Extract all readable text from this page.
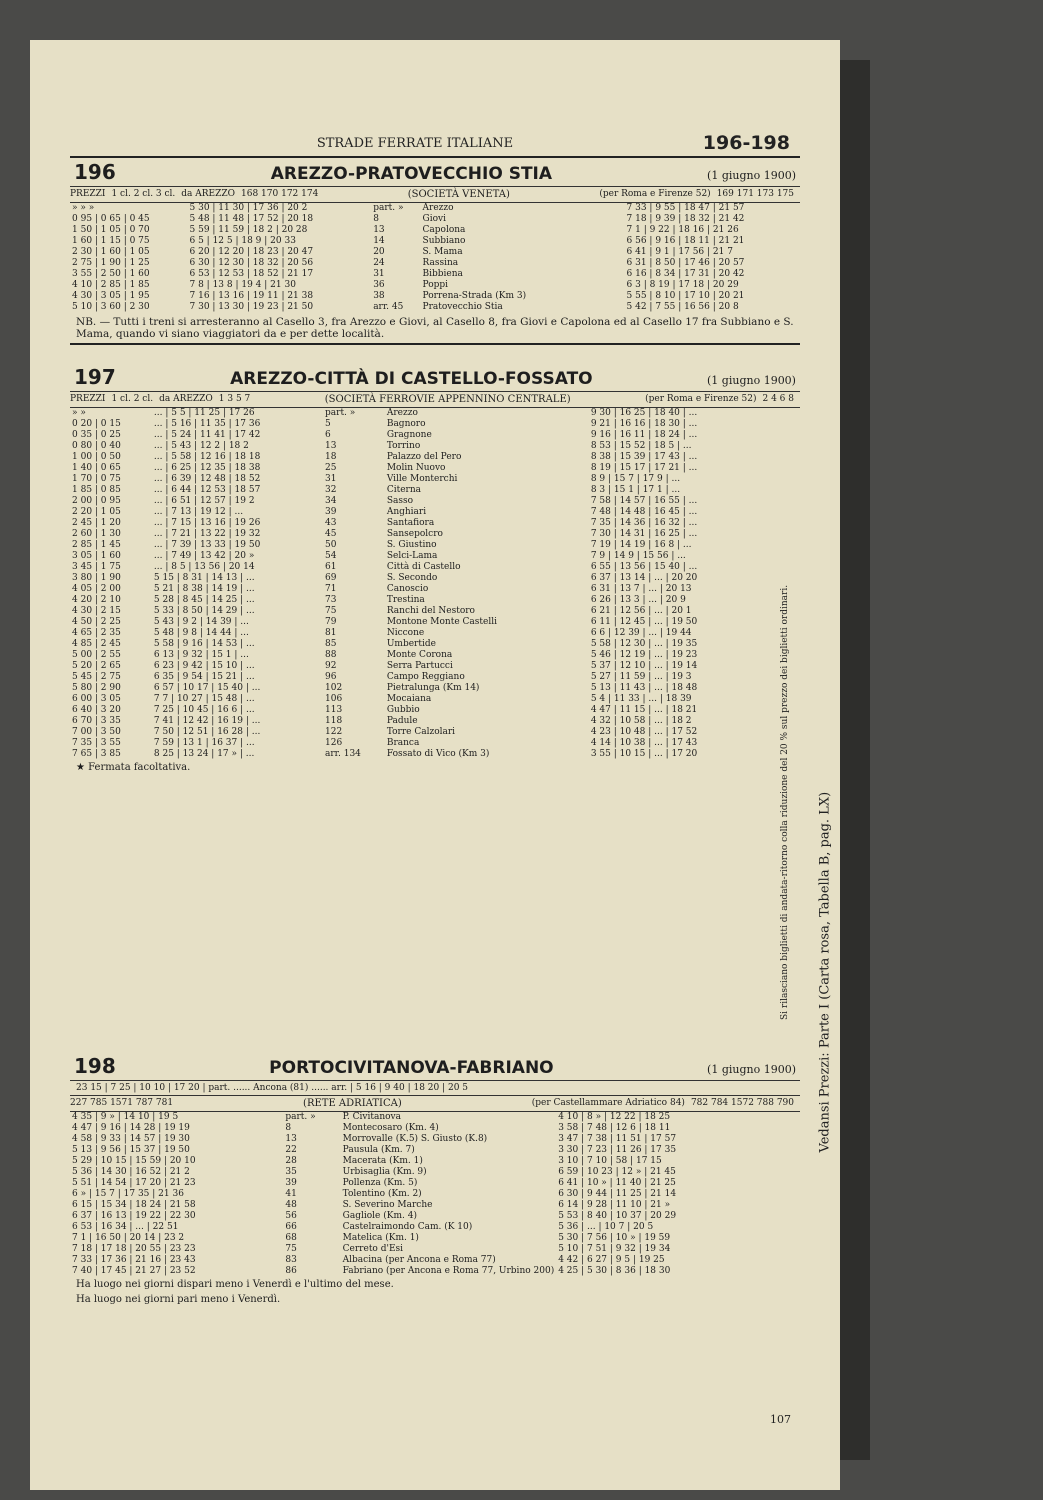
STRADE FERRATE ITALIANE	196-198
196	AREZZO-PRATOVECCHIO STIA	(1 giugno 1900)
PREZZI 1 cl. 2 cl. 3 cl. da AREZZO 168 170 172 174	(SOCIETÀ VENETA)	(per Roma e Firenze 52) 169 171 173 175
» » »	5 30 | 11 30 | 17 36 | 20 2	part. »	Arezzo	7 33 | 9 55 | 18 47 | 21 57
0 95 | 0 65 | 0 45	5 48 | 11 48 | 17 52 | 20 18	8	Giovi	7 18 | 9 39 | 18 32 | 21 42
1 50 | 1 05 | 0 70	5 59 | 11 59 | 18 2 | 20 28	13	Capolona	7 1 | 9 22 | 18 16 | 21 26
1 60 | 1 15 | 0 75	6 5 | 12 5 | 18 9 | 20 33	14	Subbiano	6 56 | 9 16 | 18 11 | 21 21
2 30 | 1 60 | 1 05	6 20 | 12 20 | 18 23 | 20 47	20	S. Mama	6 41 | 9 1 | 17 56 | 21 7
2 75 | 1 90 | 1 25	6 30 | 12 30 | 18 32 | 20 56	24	Rassina	6 31 | 8 50 | 17 46 | 20 57
3 55 | 2 50 | 1 60	6 53 | 12 53 | 18 52 | 21 17	31	Bibbiena	6 16 | 8 34 | 17 31 | 20 42
4 10 | 2 85 | 1 85	7 8 | 13 8 | 19 4 | 21 30	36	Poppi	6 3 | 8 19 | 17 18 | 20 29
4 30 | 3 05 | 1 95	7 16 | 13 16 | 19 11 | 21 38	38	Porrena-Strada (Km 3)	5 55 | 8 10 | 17 10 | 20 21
5 10 | 3 60 | 2 30	7 30 | 13 30 | 19 23 | 21 50	arr. 45	Pratovecchio Stia	5 42 | 7 55 | 16 56 | 20 8
NB. — Tutti i treni si arresteranno al Casello 3, fra Arezzo e Giovi, al Casello 8, fra Giovi e Capolona ed al Casello 17 fra Subbiano e S. Mama, quando vi siano viaggiatori da e per dette località.
197	AREZZO-CITTÀ DI CASTELLO-FOSSATO	(1 giugno 1900)
PREZZI 1 cl. 2 cl. da AREZZO 1 3 5 7	(SOCIETÀ FERROVIE APPENNINO CENTRALE)	(per Roma e Firenze 52) 2 4 6 8
» »	... | 5 5 | 11 25 | 17 26	part. »	Arezzo	9 30 | 16 25 | 18 40 | ...
0 20 | 0 15	... | 5 16 | 11 35 | 17 36	5	Bagnoro	9 21 | 16 16 | 18 30 | ...
0 35 | 0 25	... | 5 24 | 11 41 | 17 42	6	Gragnone	9 16 | 16 11 | 18 24 | ...
0 80 | 0 40	... | 5 43 | 12 2 | 18 2	13	Torrino	8 53 | 15 52 | 18 5 | ...
1 00 | 0 50	... | 5 58 | 12 16 | 18 18	18	Palazzo del Pero	8 38 | 15 39 | 17 43 | ...
1 40 | 0 65	... | 6 25 | 12 35 | 18 38	25	Molin Nuovo	8 19 | 15 17 | 17 21 | ...
1 70 | 0 75	... | 6 39 | 12 48 | 18 52	31	Ville Monterchi	8 9 | 15 7 | 17 9 | ...
1 85 | 0 85	... | 6 44 | 12 53 | 18 57	32	Citerna	8 3 | 15 1 | 17 1 | ...
2 00 | 0 95	... | 6 51 | 12 57 | 19 2	34	Sasso	7 58 | 14 57 | 16 55 | ...
2 20 | 1 05	... | 7 13 | 19 12 | ...	39	Anghiari	7 48 | 14 48 | 16 45 | ...
2 45 | 1 20	... | 7 15 | 13 16 | 19 26	43	Santafiora	7 35 | 14 36 | 16 32 | ...
2 60 | 1 30	... | 7 21 | 13 22 | 19 32	45	Sansepolcro	7 30 | 14 31 | 16 25 | ...
2 85 | 1 45	... | 7 39 | 13 33 | 19 50	50	S. Giustino	7 19 | 14 19 | 16 8 | ...
3 05 | 1 60	... | 7 49 | 13 42 | 20 »	54	Selci-Lama	7 9 | 14 9 | 15 56 | ...
3 45 | 1 75	... | 8 5 | 13 56 | 20 14	61	Città di Castello	6 55 | 13 56 | 15 40 | ...
3 80 | 1 90	5 15 | 8 31 | 14 13 | ...	69	S. Secondo	6 37 | 13 14 | ... | 20 20
4 05 | 2 00	5 21 | 8 38 | 14 19 | ...	71	Canoscio	6 31 | 13 7 | ... | 20 13
4 20 | 2 10	5 28 | 8 45 | 14 25 | ...	73	Trestina	6 26 | 13 3 | ... | 20 9
4 30 | 2 15	5 33 | 8 50 | 14 29 | ...	75	Ranchi del Nestoro	6 21 | 12 56 | ... | 20 1
4 50 | 2 25	5 43 | 9 2 | 14 39 | ...	79	Montone Monte Castelli	6 11 | 12 45 | ... | 19 50
4 65 | 2 35	5 48 | 9 8 | 14 44 | ...	81	Niccone	6 6 | 12 39 | ... | 19 44
4 85 | 2 45	5 58 | 9 16 | 14 53 | ...	85	Umbertide	5 58 | 12 30 | ... | 19 35
5 00 | 2 55	6 13 | 9 32 | 15 1 | ...	88	Monte Corona	5 46 | 12 19 | ... | 19 23
5 20 | 2 65	6 23 | 9 42 | 15 10 | ...	92	Serra Partucci	5 37 | 12 10 | ... | 19 14
5 45 | 2 75	6 35 | 9 54 | 15 21 | ...	96	Campo Reggiano	5 27 | 11 59 | ... | 19 3
5 80 | 2 90	6 57 | 10 17 | 15 40 | ...	102	Pietralunga (Km 14)	5 13 | 11 43 | ... | 18 48
6 00 | 3 05	7 7 | 10 27 | 15 48 | ...	106	Mocaiana	5 4 | 11 33 | ... | 18 39
6 40 | 3 20	7 25 | 10 45 | 16 6 | ...	113	Gubbio	4 47 | 11 15 | ... | 18 21
6 70 | 3 35	7 41 | 12 42 | 16 19 | ...	118	Padule	4 32 | 10 58 | ... | 18 2
7 00 | 3 50	7 50 | 12 51 | 16 28 | ...	122	Torre Calzolari	4 23 | 10 48 | ... | 17 52
7 35 | 3 55	7 59 | 13 1 | 16 37 | ...	126	Branca	4 14 | 10 38 | ... | 17 43
7 65 | 3 85	8 25 | 13 24 | 17 » | ...	arr. 134	Fossato di Vico (Km 3)	3 55 | 10 15 | ... | 17 20
★ Fermata facoltativa.	Si rilasciano biglietti di andata-ritorno colla riduzione del 20 % sul prezzo dei biglietti ordinari.
198	PORTOCIVITANOVA-FABRIANO	(1 giugno 1900)
23 15 | 7 25 | 10 10 | 17 20 | part. ...... Ancona (81) ...... arr. | 5 16 | 9 40 | 18 20 | 20 5
227 785 1571 787 781	(RETE ADRIATICA)	(per Castellammare Adriatico 84) 782 784 1572 788 790
4 35 | 9 » | 14 10 | 19 5	part. »	P. Civitanova	4 10 | 8 » | 12 22 | 18 25
4 47 | 9 16 | 14 28 | 19 19	8	Montecosaro (Km. 4)	3 58 | 7 48 | 12 6 | 18 11
4 58 | 9 33 | 14 57 | 19 30	13	Morrovalle (K.5) S. Giusto (K.8)	3 47 | 7 38 | 11 51 | 17 57
5 13 | 9 56 | 15 37 | 19 50	22	Pausula (Km. 7)	3 30 | 7 23 | 11 26 | 17 35
5 29 | 10 15 | 15 59 | 20 10	28	Macerata (Km. 1)	3 10 | 7 10 | 58 | 17 15
5 36 | 14 30 | 16 52 | 21 2	35	Urbisaglia (Km. 9)	6 59 | 10 23 | 12 » | 21 45
5 51 | 14 54 | 17 20 | 21 23	39	Pollenza (Km. 5)	6 41 | 10 » | 11 40 | 21 25
6 » | 15 7 | 17 35 | 21 36	41	Tolentino (Km. 2)	6 30 | 9 44 | 11 25 | 21 14
6 15 | 15 34 | 18 24 | 21 58	48	S. Severino Marche	6 14 | 9 28 | 11 10 | 21 »
6 37 | 16 13 | 19 22 | 22 30	56	Gagliole (Km. 4)	5 53 | 8 40 | 10 37 | 20 29
6 53 | 16 34 | ... | 22 51	66	Castelraimondo Cam. (K 10)	5 36 | ... | 10 7 | 20 5
7 1 | 16 50 | 20 14 | 23 2	68	Matelica (Km. 1)	5 30 | 7 56 | 10 » | 19 59
7 18 | 17 18 | 20 55 | 23 23	75	Cerreto d'Esi	5 10 | 7 51 | 9 32 | 19 34
7 33 | 17 36 | 21 16 | 23 43	83	Albacina (per Ancona e Roma 77)	4 42 | 6 27 | 9 5 | 19 25
7 40 | 17 45 | 21 27 | 23 52	86	Fabriano (per Ancona e Roma 77, Urbino 200)	4 25 | 5 30 | 8 36 | 18 30
Ha luogo nei giorni dispari meno i Venerdì e l'ultimo del mese.
Ha luogo nei giorni pari meno i Venerdì.
Vedansi Prezzi: Parte I (Carta rosa, Tabella B, pag. LX)
107
